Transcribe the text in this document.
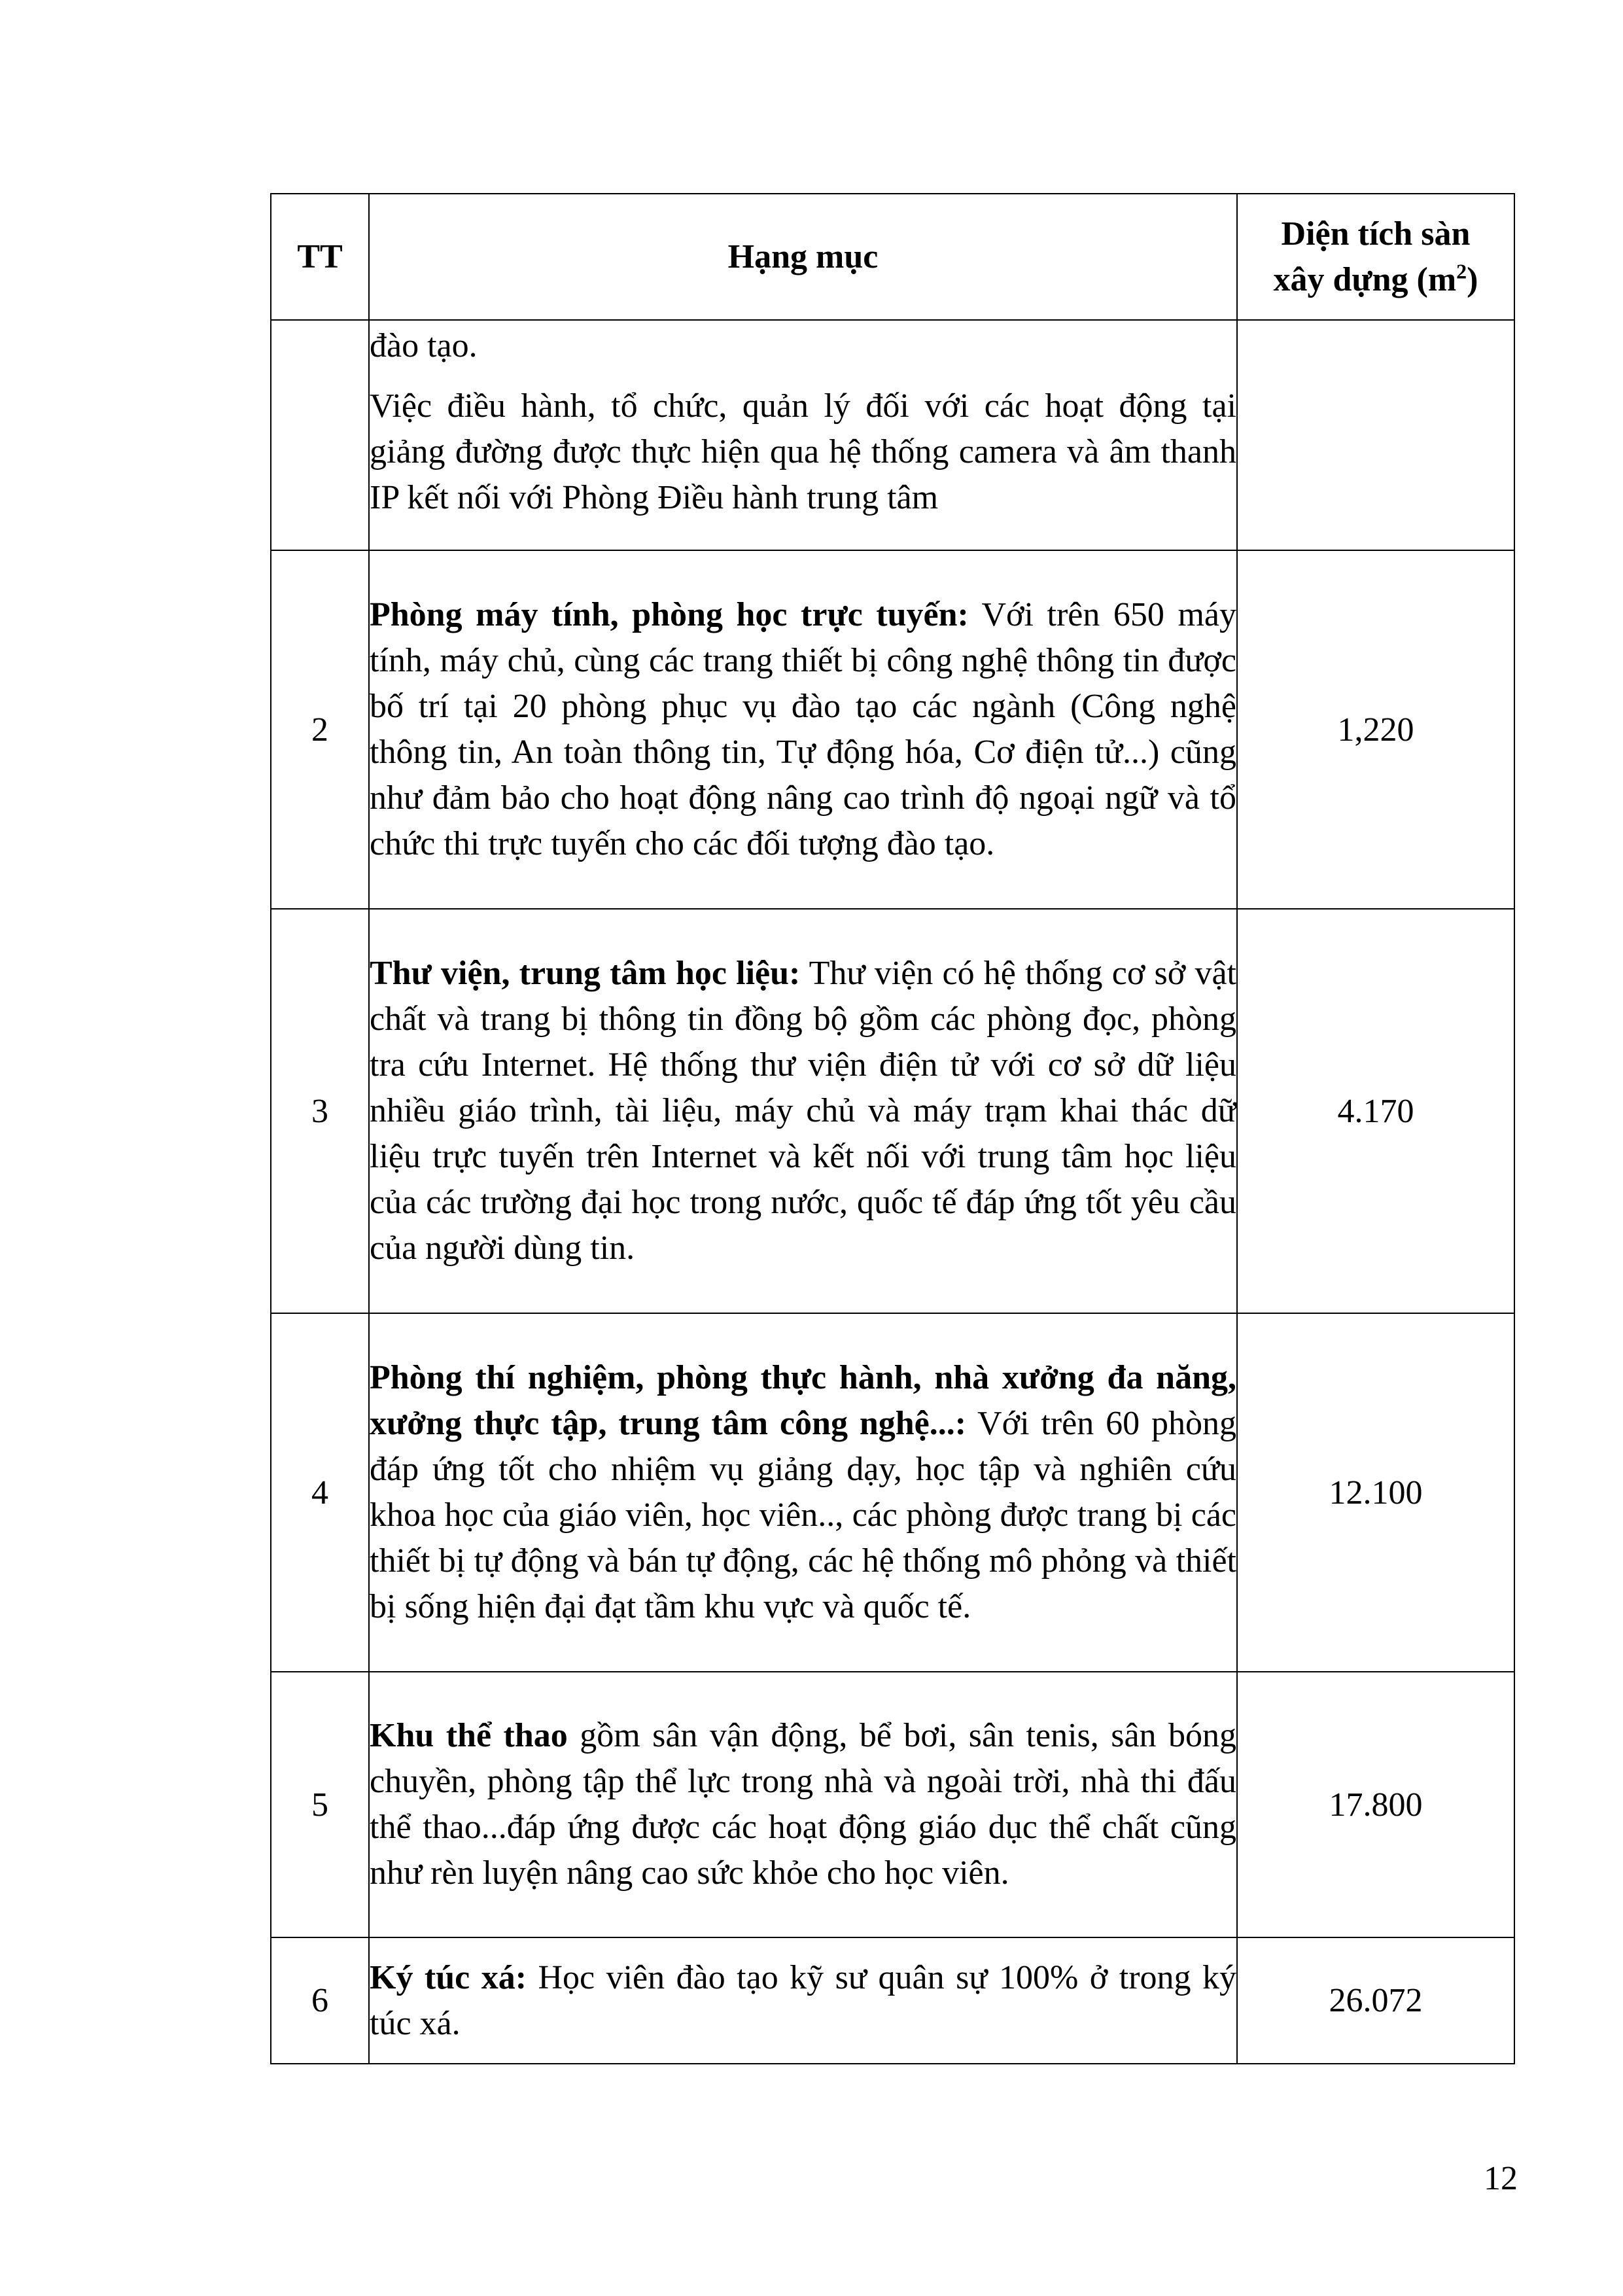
TT	Hạng mục	Diện tích sàn
xây dựng $(m^2)$

	đào tạo.

Việc điều hành, tổ chức, quản lý đối với các hoạt động tại giảng đường được thực hiện qua hệ thống camera và âm thanh IP kết nối với Phòng Điều hành trung tâm	

2	Phòng máy tính, phòng học trực tuyến: Với trên 650 máy tính, máy chủ, cùng các trang thiết bị công nghệ thông tin được bố trí tại 20 phòng phục vụ đào tạo các ngành (Công nghệ thông tin, An toàn thông tin, Tự động hóa, Cơ điện tử...) cũng như đảm bảo cho hoạt động nâng cao trình độ ngoại ngữ và tổ chức thi trực tuyến cho các đối tượng đào tạo.	1,220
3	Thư viện, trung tâm học liệu: Thư viện có hệ thống cơ sở vật chất và trang bị thông tin đồng bộ gồm các phòng đọc, phòng tra cứu Internet. Hệ thống thư viện điện tử với cơ sở dữ liệu nhiều giáo trình, tài liệu, máy chủ và máy trạm khai thác dữ liệu trực tuyến trên Internet và kết nối với trung tâm học liệu của các trường đại học trong nước, quốc tế đáp ứng tốt yêu cầu của người dùng tin.	4.170
4	Phòng thí nghiệm, phòng thực hành, nhà xưởng đa năng, xưởng thực tập, trung tâm công nghệ...: Với trên 60 phòng đáp ứng tốt cho nhiệm vụ giảng dạy, học tập và nghiên cứu khoa học của giáo viên, học viên.., các phòng được trang bị các thiết bị tự động và bán tự động, các hệ thống mô phỏng và thiết bị sống hiện đại đạt tầm khu vực và quốc tế.	12.100
5	Khu thể thao gồm sân vận động, bể bơi, sân tenis, sân bóng chuyền, phòng tập thể lực trong nhà và ngoài trời, nhà thi đấu thể thao...đáp ứng được các hoạt động giáo dục thể chất cũng như rèn luyện nâng cao sức khỏe cho học viên.	17.800
6	Ký túc xá: Học viên đào tạo kỹ sư quân sự 100% ở trong ký túc xá.	26.072
12
